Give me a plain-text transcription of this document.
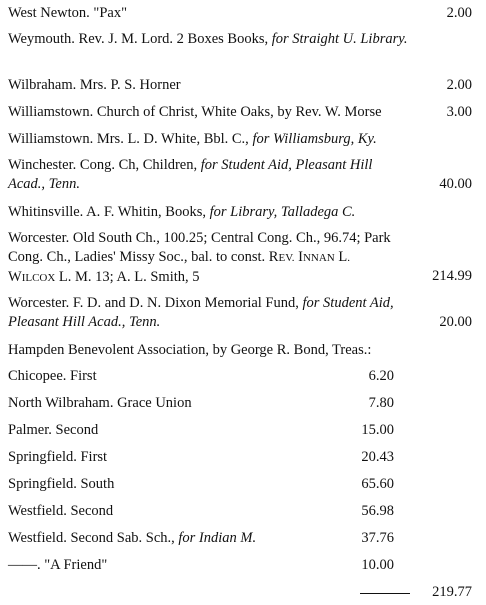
West Newton. "Pax"	2.00
Weymouth. Rev. J. M. Lord. 2 Boxes Books, for Straight U. Library.
Wilbraham. Mrs. P. S. Horner	2.00
Williamstown. Church of Christ, White Oaks, by Rev. W. Morse	3.00
Williamstown. Mrs. L. D. White, Bbl. C., for Williamsburg, Ky.
Winchester. Cong. Ch, Children, for Student Aid, Pleasant Hill Acad., Tenn.	40.00
Whitinsville. A. F. Whitin, Books, for Library, Talladega C.
Worcester. Old South Ch., 100.25; Central Cong. Ch., 96.74; Park Cong. Ch., Ladies' Missy Soc., bal. to const. REV. INNAN L. WILCOX L. M. 13; A. L. Smith, 5	214.99
Worcester. F. D. and D. N. Dixon Memorial Fund, for Student Aid, Pleasant Hill Acad., Tenn.	20.00
Hampden Benevolent Association, by George R. Bond, Treas.:
Chicopee. First	6.20
North Wilbraham. Grace Union	7.80
Palmer. Second	15.00
Springfield. First	20.43
Springfield. South	65.60
Westfield. Second	56.98
Westfield. Second Sab. Sch., for Indian M.	37.76
——. "A Friend"	10.00
219.77
